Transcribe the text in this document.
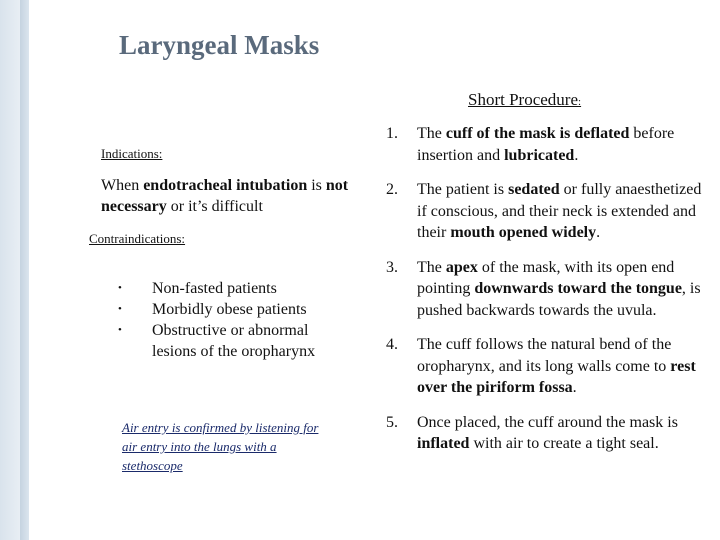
Laryngeal Masks
Short Procedure:
Indications:
When endotracheal intubation is not necessary or it’s difficult
Contraindications:
• Non-fasted patients
• Morbidly obese patients
• Obstructive or abnormal lesions of the oropharynx
Air entry is confirmed by listening for air entry into the lungs with a stethoscope
1. The cuff of the mask is deflated before insertion and lubricated.
2. The patient is sedated or fully anaesthetized if conscious, and their neck is extended and their mouth opened widely.
3. The apex of the mask, with its open end pointing downwards toward the tongue, is pushed backwards towards the uvula.
4. The cuff follows the natural bend of the oropharynx, and its long walls come to rest over the piriform fossa.
5. Once placed, the cuff around the mask is inflated with air to create a tight seal.
